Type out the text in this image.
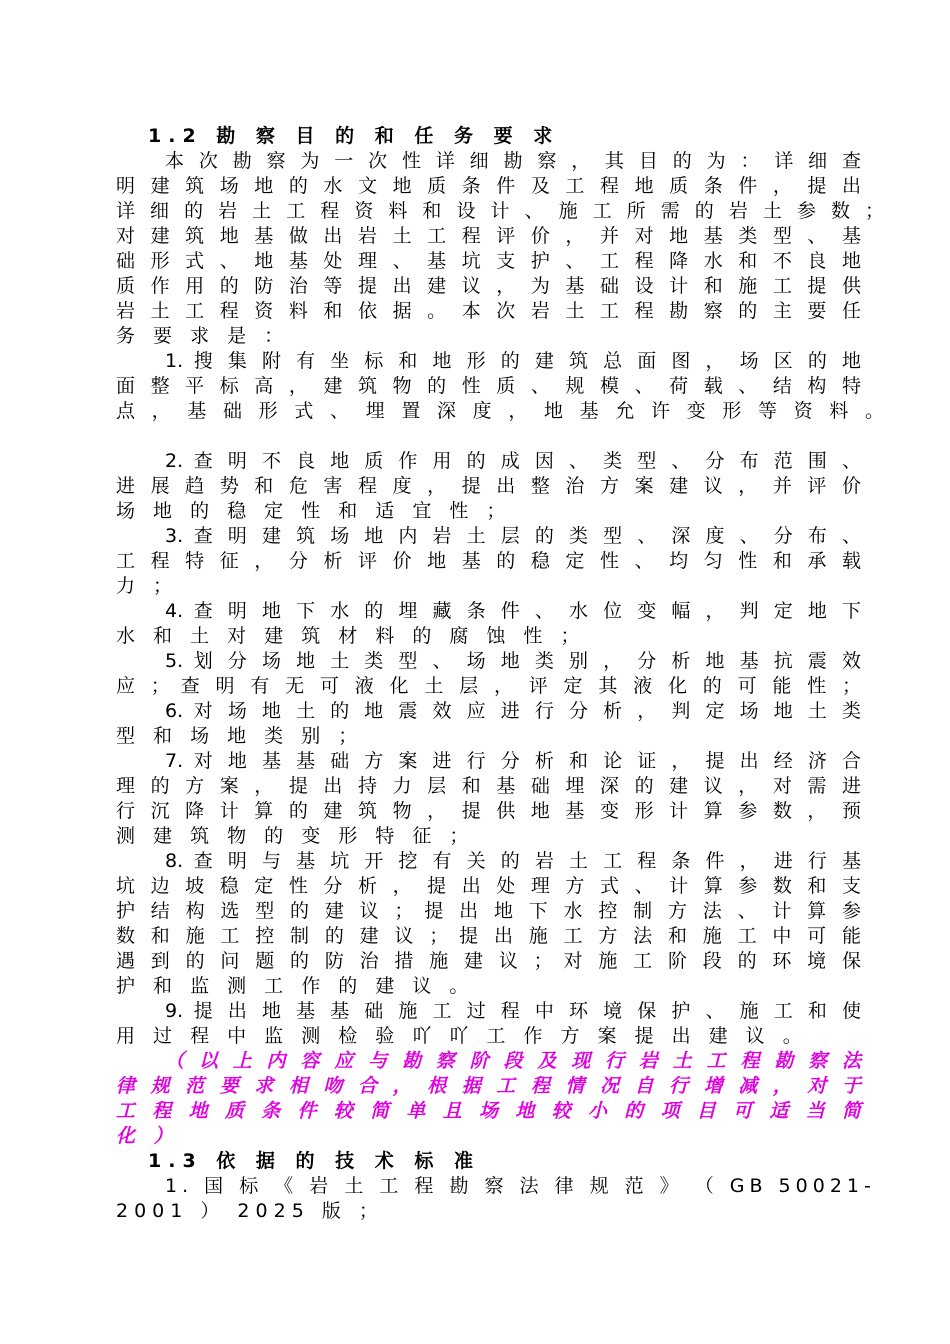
1.2 勘 察 目 的 和 任 务 要 求
本 次 勘 察 为 一 次 性 详 细 勘 察 ， 其 目 的 为 ： 详 细 查
明 建 筑 场 地 的 水 文 地 质 条 件 及 工 程 地 质 条 件 ， 提 出
详 细 的 岩 土 工 程 资 料 和 设 计 、 施 工 所 需 的 岩 土 参 数 ；
对 建 筑 地 基 做 出 岩 土 工 程 评 价 ， 并 对 地 基 类 型 、 基
础 形 式 、 地 基 处 理 、 基 坑 支 护 、 工 程 降 水 和 不 良 地
质 作 用 的 防 治 等 提 出 建 议 ， 为 基 础 设 计 和 施 工 提 供
岩 土 工 程 资 料 和 依 据 。 本 次 岩 土 工 程 勘 察 的 主 要 任
务 要 求 是 ：
1. 搜 集 附 有 坐 标 和 地 形 的 建 筑 总 面 图 ， 场 区 的 地
面 整 平 标 高 ， 建 筑 物 的 性 质 、 规 模 、 荷 载 、 结 构 特
点 ， 基 础 形 式 、 埋 置 深 度 ， 地 基 允 许 变 形 等 资 料 。
2. 查 明 不 良 地 质 作 用 的 成 因 、 类 型 、 分 布 范 围 、
进 展 趋 势 和 危 害 程 度 ， 提 出 整 治 方 案 建 议 ， 并 评 价
场 地 的 稳 定 性 和 适 宜 性 ；
3. 查 明 建 筑 场 地 内 岩 土 层 的 类 型 、 深 度 、 分 布 、
工 程 特 征 ， 分 析 评 价 地 基 的 稳 定 性 、 均 匀 性 和 承 载
力 ；
4. 查 明 地 下 水 的 埋 藏 条 件 、 水 位 变 幅 ， 判 定 地 下
水 和 土 对 建 筑 材 料 的 腐 蚀 性 ；
5. 划 分 场 地 土 类 型 、 场 地 类 别 ， 分 析 地 基 抗 震 效
应 ； 查 明 有 无 可 液 化 土 层 ， 评 定 其 液 化 的 可 能 性 ；
6. 对 场 地 土 的 地 震 效 应 进 行 分 析 ， 判 定 场 地 土 类
型 和 场 地 类 别 ；
7. 对 地 基 基 础 方 案 进 行 分 析 和 论 证 ， 提 出 经 济 合
理 的 方 案 ， 提 出 持 力 层 和 基 础 埋 深 的 建 议 ， 对 需 进
行 沉 降 计 算 的 建 筑 物 ， 提 供 地 基 变 形 计 算 参 数 ， 预
测 建 筑 物 的 变 形 特 征 ；
8. 查 明 与 基 坑 开 挖 有 关 的 岩 土 工 程 条 件 ， 进 行 基
坑 边 坡 稳 定 性 分 析 ， 提 出 处 理 方 式 、 计 算 参 数 和 支
护 结 构 选 型 的 建 议 ； 提 出 地 下 水 控 制 方 法 、 计 算 参
数 和 施 工 控 制 的 建 议 ； 提 出 施 工 方 法 和 施 工 中 可 能
遇 到 的 问 题 的 防 治 措 施 建 议 ； 对 施 工 阶 段 的 环 境 保
护 和 监 测 工 作 的 建 议 。
9. 提 出 地 基 基 础 施 工 过 程 中 环 境 保 护 、 施 工 和 使
用 过 程 中 监 测 检 验 吖 吖 工 作 方 案 提 出 建 议 。
（ 以 上 内 容 应 与 勘 察 阶 段 及 现 行 岩 土 工 程 勘 察 法
律 规 范 要 求 相 吻 合 ， 根 据 工 程 情 况 自 行 增 减 ， 对 于
工 程 地 质 条 件 较 简 单 且 场 地 较 小 的 项 目 可 适 当 简
化 ）
1.3 依 据 的 技 术 标 准
1. 国 标 《 岩 土 工 程 勘 察 法 律 规 范 》 （ GB 50021-
2001 ） 2025 版 ；
